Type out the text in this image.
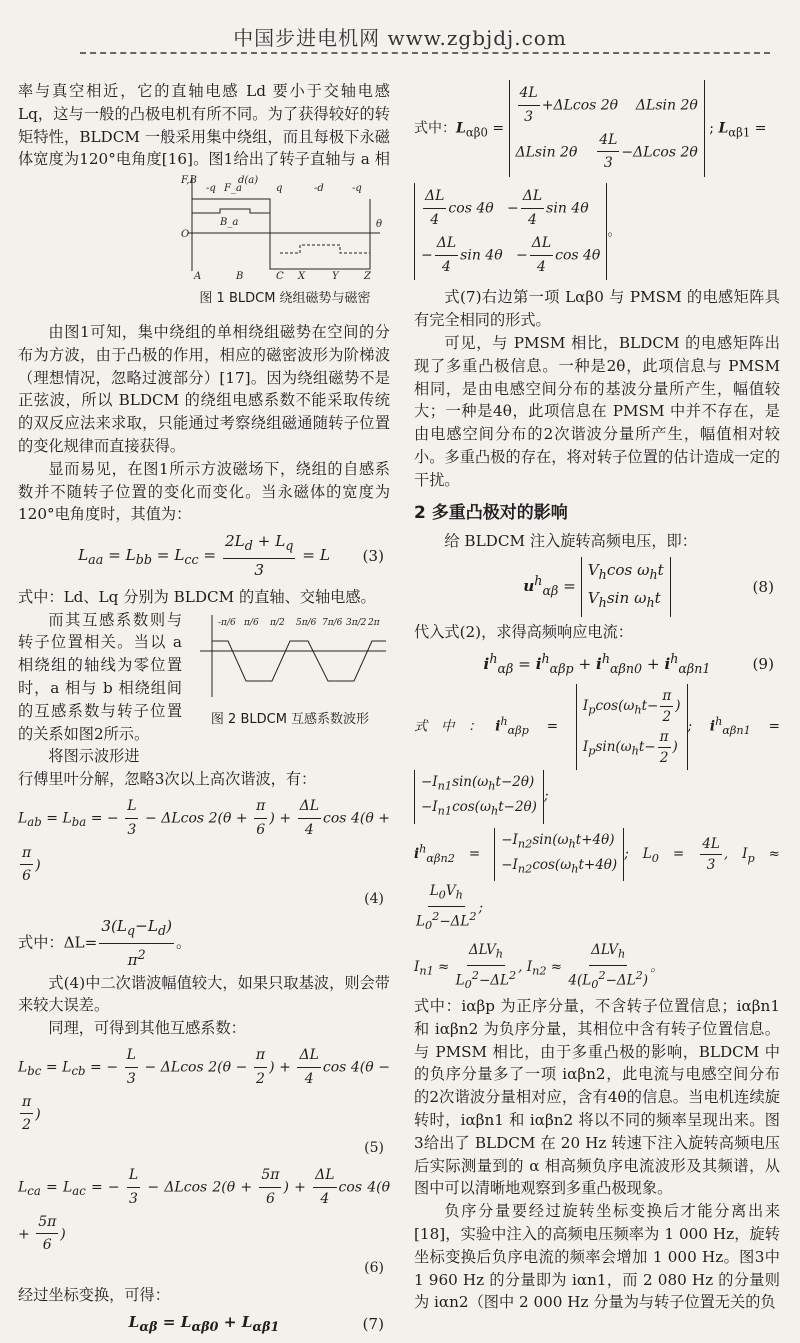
中国步进电机网 www.zgbjdj.com

率与真空相近，它的直轴电感 Ld 要小于交轴电感 Lq，这与一般的凸极电机有所不同。为了获得较好的转矩特性，BLDCM 一般采用集中绕组，而且每极下永磁体宽度为120°电角度[16]。图1给出了转子直轴与 a 相

F,B
-q F_a
d(a)
q	-d	-q
B_a
O
θ
A	B	C X	Y	Z
图 1 BLDCM 绕组磁势与磁密

由图1可知，集中绕组的单相绕组磁势在空间的分布为方波，由于凸极的作用，相应的磁密波形为阶梯波（理想情况，忽略过渡部分）[17]。因为绕组磁势不是正弦波，所以 BLDCM 的绕组电感系数不能采取传统的双反应法来求取，只能通过考察绕组磁通随转子位置的变化规律而直接获得。

显而易见，在图1所示方波磁场下，绕组的自感系数并不随转子位置的变化而变化。当永磁体的宽度为120°电角度时，其值为：

$L_{aa} = L_{bb} = L_{cc} = \frac{2L_d + L_q}{3} = L$ (3)

式中：Ld、Lq 分别为 BLDCM 的直轴、交轴电感。

-π/6 π/6 π/2 5π/6 7π/6 3π/2 2π
图 2 BLDCM 互感系数波形

而其互感系数则与转子位置相关。当以 a 相绕组的轴线为零位置时，a 相与 b 相绕组间的互感系数与转子位置的关系如图2所示。

将图示波形进

行傅里叶分解，忽略3次以上高次谐波，有：

$L_{ab} = L_{ba}$ = − $\frac{L}{3} - \Delta Lcos$ $2(\theta + \frac{\pi}{6}$ ) + $\frac{\Delta L}{4}$ cos 4(θ +
$\frac{\pi}{6}$ )
(4)

式中：$\Delta L= \frac{3(L_q-L_d)}{\pi^2}$ 。

式(4)中二次谐波幅值较大，如果只取基波，则会带来较大误差。

同理，可得到其他互感系数：

$L_{bc} = L_{cb}$ = − $\frac{L}{3} - \Delta Lcos$ $2(\theta - \frac{\pi}{2}$ ) + $\frac{\Delta L}{4}$ cos 4(θ −
$\frac{\pi}{2}$ )
(5)
$L_{ca} = L_{ac}$ = − $\frac{L}{3} - \Delta Lcos$ $2(\theta + \frac{5\pi}{6}$ ) + $\frac{\Delta L}{4}$ $\cos 4(\theta + \frac{5\pi}{6}$ )
(6)

经过坐标变换，可得：

$L_{\alpha\beta} = L_{\alpha\beta 0} + L_{\alpha\beta 1}$	(7)
式中：$L_{\alpha\beta 0} = \frac{4L}{3} +\Delta Lcos$ 2θ    ΔLsin 2θ
ΔLsin $2\theta \frac{4L}{3} -\Delta Lcos$ 2θ
; $L_{\alpha\beta 1}$ =
$\frac{\Delta L}{4}$ $\cos 4\theta - \frac{\Delta L}{4}$ sin 4θ
− $\frac{\Delta L}{4}$ $\sin 4\theta - \frac{\Delta L}{4}$ cos 4θ
。

式(7)右边第一项 Lαβ0 与 PMSM 的电感矩阵具有完全相同的形式。

可见，与 PMSM 相比，BLDCM 的电感矩阵出现了多重凸极信息。一种是2θ，此项信息与 PMSM 相同，是由电感空间分布的基波分量所产生，幅值较大；一种是4θ，此项信息在 PMSM 中并不存在，是由电感空间分布的2次谐波分量所产生，幅值相对较小。多重凸极的存在，将对转子位置的估计造成一定的干扰。

2 多重凸极对的影响

给 BLDCM 注入旋转高频电压，即：

$u^h_{\alpha\beta}$ =
$V_h\cos$ $\omega_ht$
$V_h\sin$ $\omega_ht$
(8)

代入式(2)，求得高频响应电流：

$i^h_{\alpha\beta} = i^h_{\alpha\beta p} + i^h_{\alpha\beta n0} + i^h_{\alpha\beta n1}$	(9)
式中：$i^h_{\alpha\beta p}$ =
$I_p\cos(\omega_ht- \frac{\pi}{2}$ )
$I_p\sin(\omega_ht- \frac{\pi}{2}$ )
; $i^h_{\alpha\beta n1}$ =
$-I_{n1}\sin(\omega_ht-2\theta)$
$-I_{n1}\cos(\omega_ht-2\theta)$
;
$i^h_{\alpha\beta n2}$ =
$-I_{n2}\sin(\omega_ht+4\theta)$
$-I_{n2}\cos(\omega_ht+4\theta)$
; $L_0 = \frac{4L}{3}$ , $I_p$ ≈
$\frac{L_0V_h}{L_0^2-\Delta L^2}$ ;
$I_{n1}$ ≈
$\Delta LV_h$
$L_0^2-\Delta L^2$
, $I_{n2}$ ≈
$\Delta LV_h$
$4(L_0^2-\Delta L^2)$
。

式中：iαβp 为正序分量，不含转子位置信息；iαβn1 和 iαβn2 为负序分量，其相位中含有转子位置信息。与 PMSM 相比，由于多重凸极的影响，BLDCM 中的负序分量多了一项 iαβn2，此电流与电感空间分布的2次谐波分量相对应，含有4θ的信息。当电机连续旋转时，iαβn1 和 iαβn2 将以不同的频率呈现出来。图3给出了 BLDCM 在 20 Hz 转速下注入旋转高频电压后实际测量到的 α 相高频负序电流波形及其频谱，从图中可以清晰地观察到多重凸极现象。

负序分量要经过旋转坐标变换后才能分离出来[18]，实验中注入的高频电压频率为 1 000 Hz，旋转坐标变换后负序电流的频率会增加 1 000 Hz。图3中 1 960 Hz 的分量即为 iαn1，而 2 080 Hz 的分量则为 iαn2（图中 2 000 Hz 分量为与转子位置无关的负
